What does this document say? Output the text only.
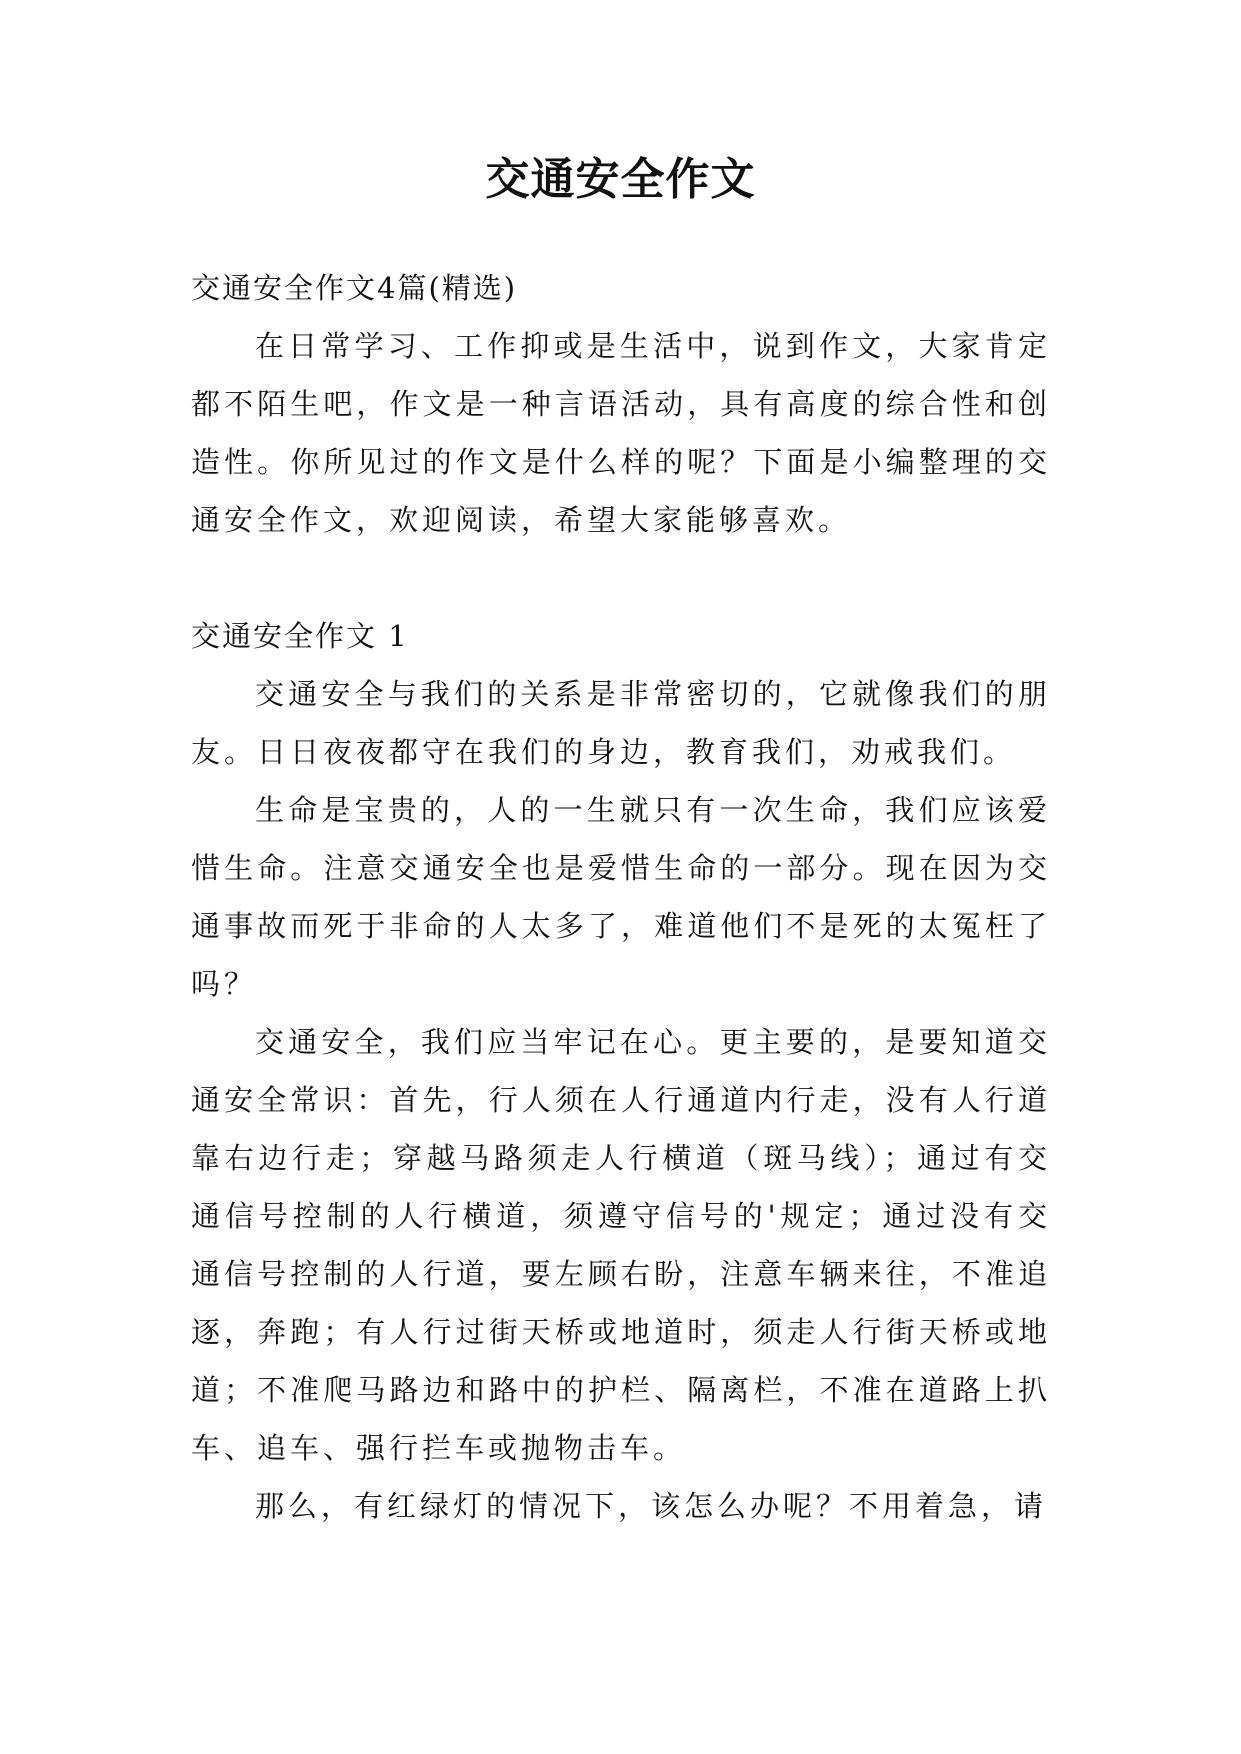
交通安全作文

交通安全作文4篇(精选)

在日常学习、工作抑或是生活中，说到作文，大家肯定都不陌生吧，作文是一种言语活动，具有高度的综合性和创造性。你所见过的作文是什么样的呢？下面是小编整理的交通安全作文，欢迎阅读，希望大家能够喜欢。

交通安全作文 1

交通安全与我们的关系是非常密切的，它就像我们的朋友。日日夜夜都守在我们的身边，教育我们，劝戒我们。

生命是宝贵的，人的一生就只有一次生命，我们应该爱惜生命。注意交通安全也是爱惜生命的一部分。现在因为交通事故而死于非命的人太多了，难道他们不是死的太冤枉了吗？

交通安全，我们应当牢记在心。更主要的，是要知道交通安全常识：首先，行人须在人行通道内行走，没有人行道靠右边行走；穿越马路须走人行横道（斑马线）；通过有交通信号控制的人行横道，须遵守信号的'规定；通过没有交通信号控制的人行道，要左顾右盼，注意车辆来往，不准追逐，奔跑；有人行过街天桥或地道时，须走人行街天桥或地道；不准爬马路边和路中的护栏、隔离栏，不准在道路上扒车、追车、强行拦车或抛物击车。

那么，有红绿灯的情况下，该怎么办呢？不用着急，请
